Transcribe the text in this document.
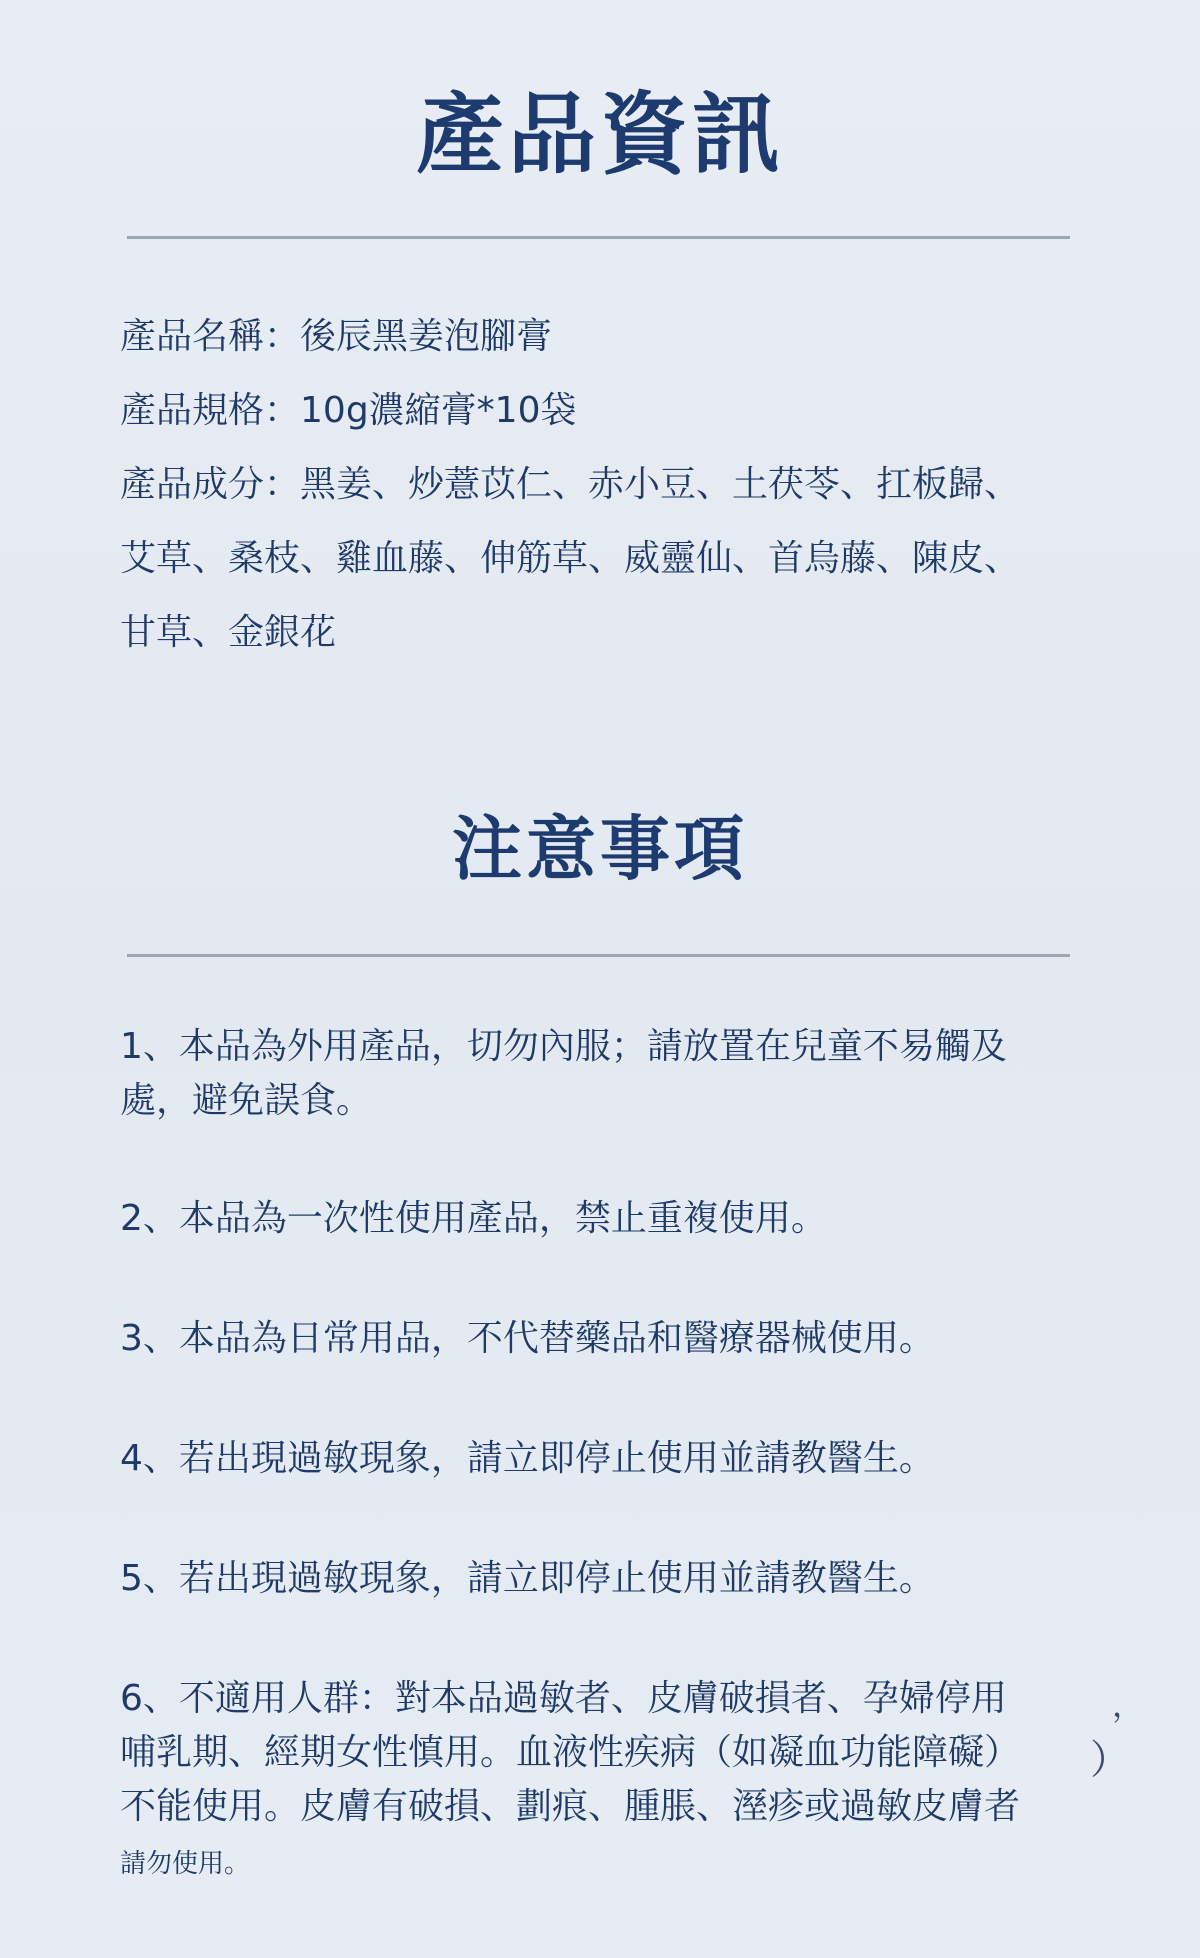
產品資訊
產品名稱：後辰黑姜泡腳膏
產品規格：10g濃縮膏*10袋
產品成分：黑姜、炒薏苡仁、赤小豆、土茯苓、扛板歸、
艾草、桑枝、雞血藤、伸筋草、威靈仙、首烏藤、陳皮、
甘草、金銀花
注意事項
1、本品為外用產品，切勿內服；請放置在兒童不易觸及
處，避免誤食。
2、本品為一次性使用產品，禁止重複使用。
3、本品為日常用品，不代替藥品和醫療器械使用。
4、若出現過敏現象，請立即停止使用並請教醫生。
5、若出現過敏現象，請立即停止使用並請教醫生。
6、不適用人群：對本品過敏者、皮膚破損者、孕婦停用
哺乳期、經期女性慎用。血液性疾病（如凝血功能障礙）
不能使用。皮膚有破損、劃痕、腫脹、溼疹或過敏皮膚者
請勿使用。
，
）
